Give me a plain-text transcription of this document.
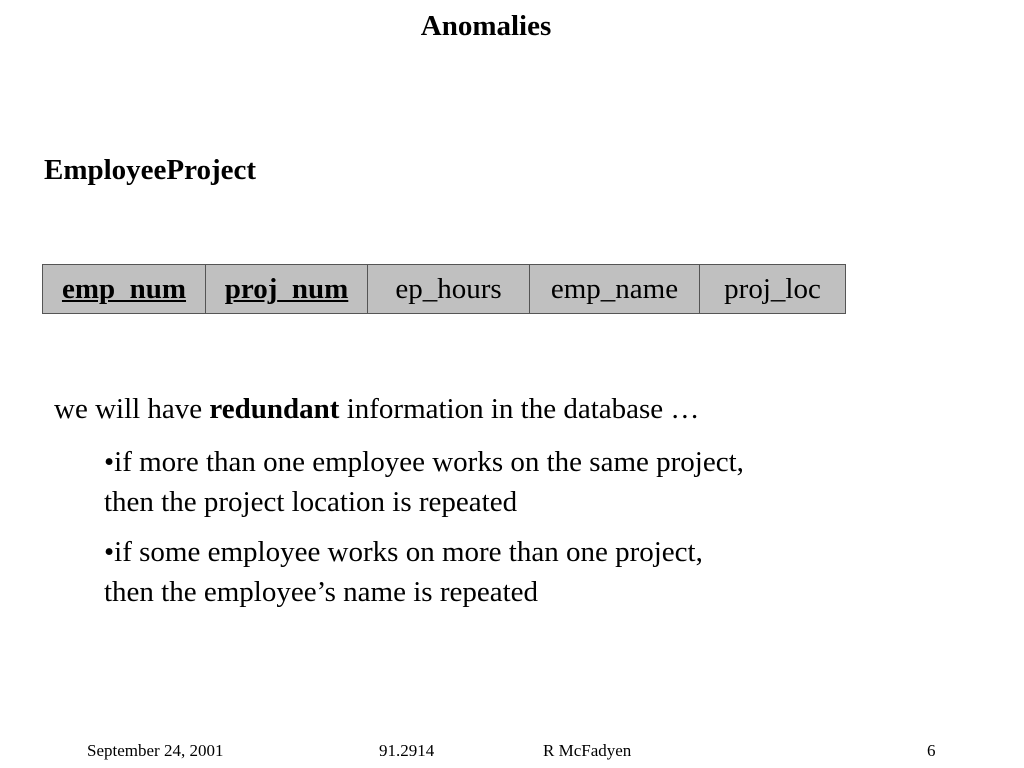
Anomalies
EmployeeProject
emp_num	proj_num	ep_hours	emp_name	proj_loc
we will have redundant information in the database …
•if more than one employee works on the same project,
then the project location is repeated
•if some employee works on more than one project,
then the employee’s name is repeated
September 24, 2001	91.2914	R McFadyen	6
